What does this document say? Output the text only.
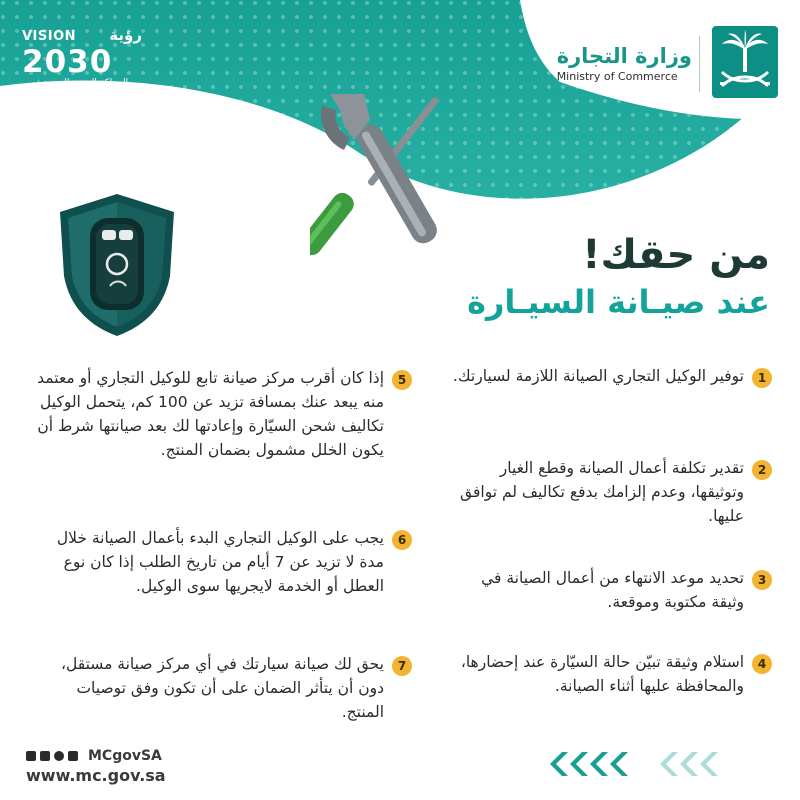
VISION رؤية
2030
المملكة العربية السعودية
KINGDOM OF SAUDI ARABIA
وزارة التجارة
Ministry of Commerce
من حقك!
عند صيـانة السيـارة
1
توفير الوكيل التجاري الصيانة اللازمة لسيارتك.
2
تقدير تكلفة أعمال الصيانة وقطع الغيار وتوثيقها، وعدم إلزامك بدفع تكاليف لم توافق عليها.
3
تحديد موعد الانتهاء من أعمال الصيانة في وثيقة مكتوبة وموقعة.
4
استلام وثيقة تبيّن حالة السيّارة عند إحضارها، والمحافظة عليها أثناء الصيانة.
5
إذا كان أقرب مركز صيانة تابع للوكيل التجاري أو معتمد منه يبعد عنك بمسافة تزيد عن 100 كم، يتحمل الوكيل تكاليف شحن السيّارة وإعادتها لك بعد صيانتها شرط أن يكون الخلل مشمول بضمان المنتج.
6
يجب على الوكيل التجاري البدء بأعمال الصيانة خلال مدة لا تزيد عن 7 أيام من تاريخ الطلب إذا كان نوع العطل أو الخدمة لايجريها سوى الوكيل.
7
يحق لك صيانة سيارتك في أي مركز صيانة مستقل، دون أن يتأثر الضمان على أن تكون وفق توصيات المنتج.
MCgovSA
www.mc.gov.sa
